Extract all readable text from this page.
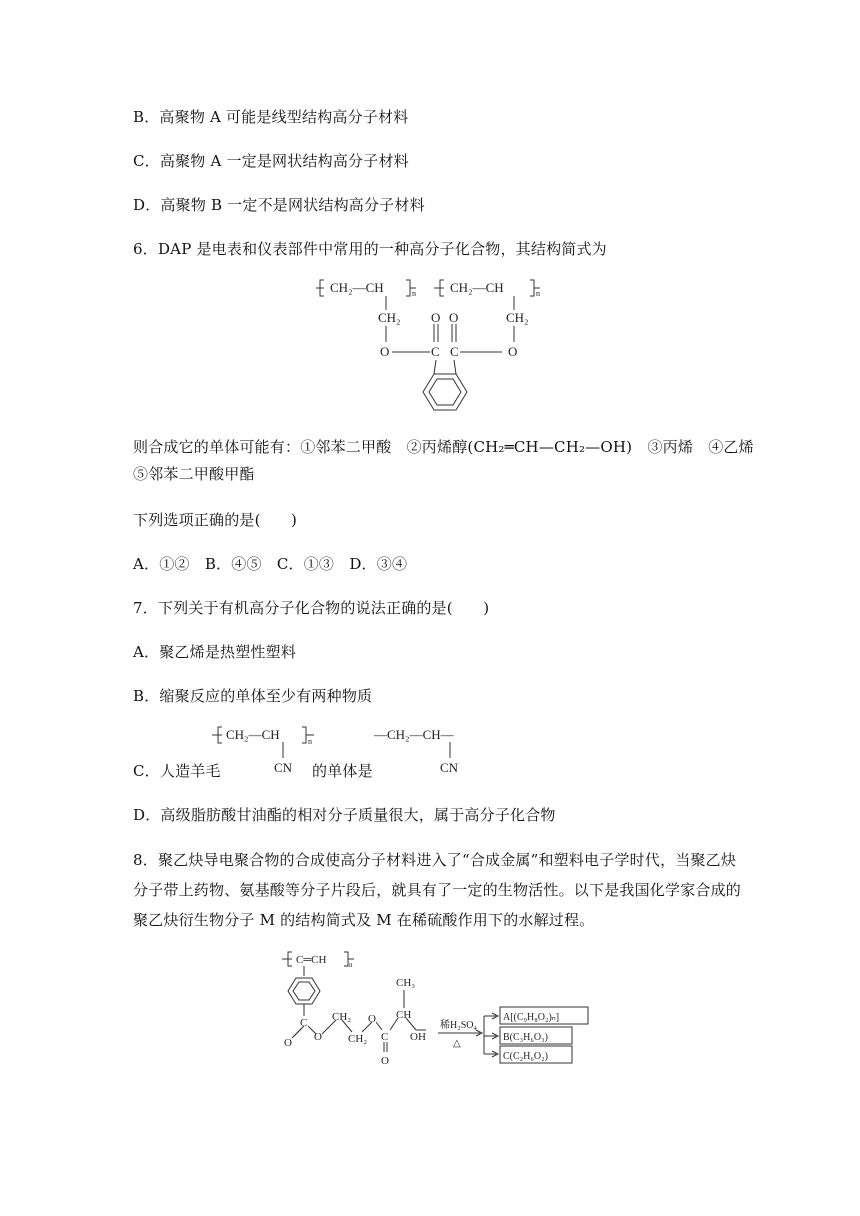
B．高聚物 A 可能是线型结构高分子材料
C．高聚物 A 一定是网状结构高分子材料
D．高聚物 B 一定不是网状结构高分子材料
6．DAP 是电表和仪表部件中常用的一种高分子化合物，其结构简式为
CH₂—CH	n	CH₂—CH	n
CH₂	CH₂
O	O
O O
C C
则合成它的单体可能有：①邻苯二甲酸　②丙烯醇(CH₂═CH—CH₂—OH)　③丙烯　④乙烯
⑤邻苯二甲酸甲酯
下列选项正确的是(　　)
A．①②　B．④⑤　C．①③　D．③④
7．下列关于有机高分子化合物的说法正确的是(　　)
A．聚乙烯是热塑性塑料
B．缩聚反应的单体至少有两种物质
C．人造羊毛	的单体是
CH₂—CH	n
CN
—CH₂—CH—
CN
D．高级脂肪酸甘油酯的相对分子质量很大，属于高分子化合物
8．聚乙炔导电聚合物的合成使高分子材料进入了“合成金属”和塑料电子学时代，当聚乙炔
分子带上药物、氨基酸等分子片段后，就具有了一定的生物活性。以下是我国化学家合成的
聚乙炔衍生物分子 M 的结构简式及 M 在稀硫酸作用下的水解过程。
C═CH	n
C
O O
CH₂
CH₂
O
C
O
CH₃
CH
OH
稀H₂SO₄
△
A[(C₉H₈O₂)ₙ]
B(C₃H₆O₃)
C(C₂H₆O₂)
